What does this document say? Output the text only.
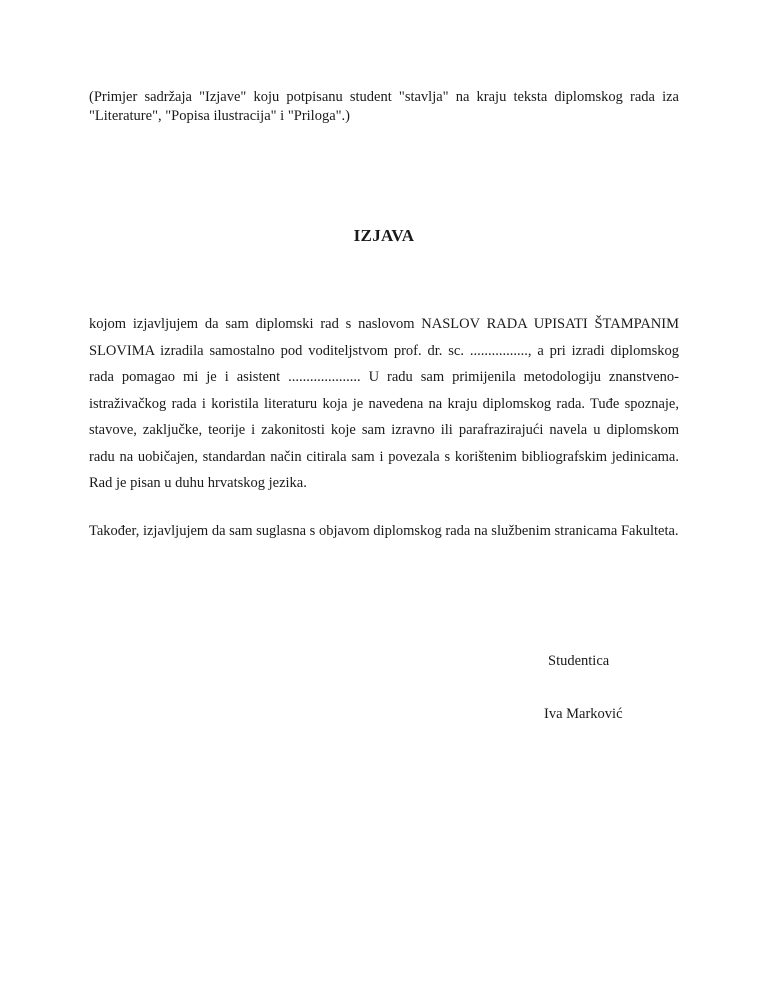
(Primjer sadržaja "Izjave" koju potpisanu student "stavlja" na kraju teksta diplomskog rada iza "Literature", "Popisa ilustracija" i "Priloga".)
IZJAVA
kojom izjavljujem da sam diplomski rad s naslovom NASLOV RADA UPISATI ŠTAMPANIM SLOVIMA izradila samostalno pod voditeljstvom prof. dr. sc. ................, a pri izradi diplomskog rada pomagao mi je i asistent .................... U radu sam primijenila metodologiju znanstveno-istraživačkog rada i koristila literaturu koja je navedena na kraju diplomskog rada. Tuđe spoznaje, stavove, zaključke, teorije i zakonitosti koje sam izravno ili parafrazirajući navela u diplomskom radu na uobičajen, standardan način citirala sam i povezala s korištenim bibliografskim jedinicama. Rad je pisan u duhu hrvatskog jezika.
Također, izjavljujem da sam suglasna s objavom diplomskog rada na službenim stranicama Fakulteta.
Studentica
Iva Marković
